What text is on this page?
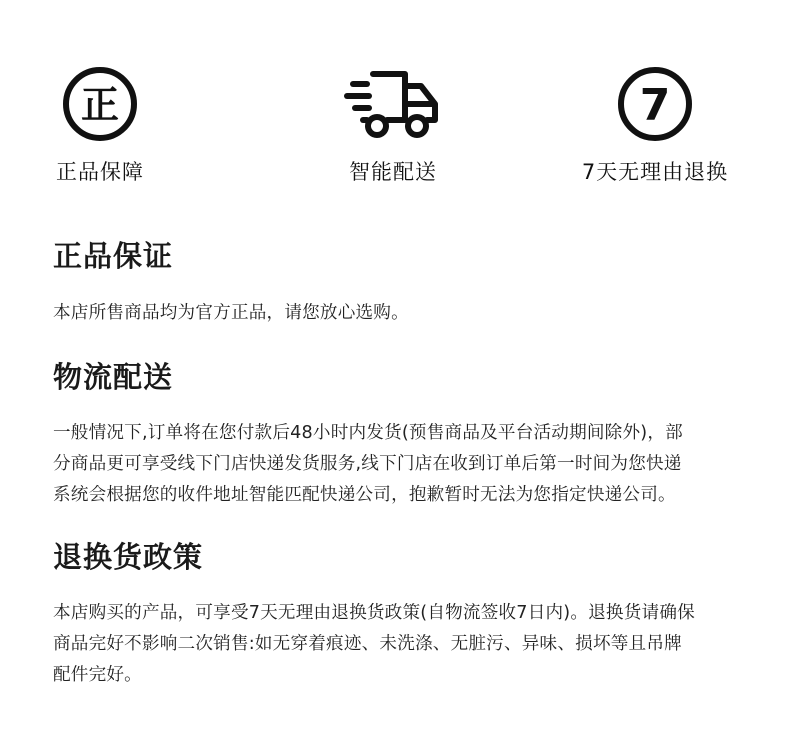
正
正品保障	智能配送
7
7天无理由退换
正品保证

本店所售商品均为官方正品，请您放心选购。

物流配送

一般情况下,订单将在您付款后48小时内发货(预售商品及平台活动期间除外)，部
分商品更可享受线下门店快递发货服务,线下门店在收到订单后第一时间为您快递
系统会根据您的收件地址智能匹配快递公司，抱歉暂时无法为您指定快递公司。

退换货政策

本店购买的产品，可享受7天无理由退换货政策(自物流签收7日内)。退换货请确保
商品完好不影响二次销售:如无穿着痕迹、未洗涤、无脏污、异味、损坏等且吊牌
配件完好。
